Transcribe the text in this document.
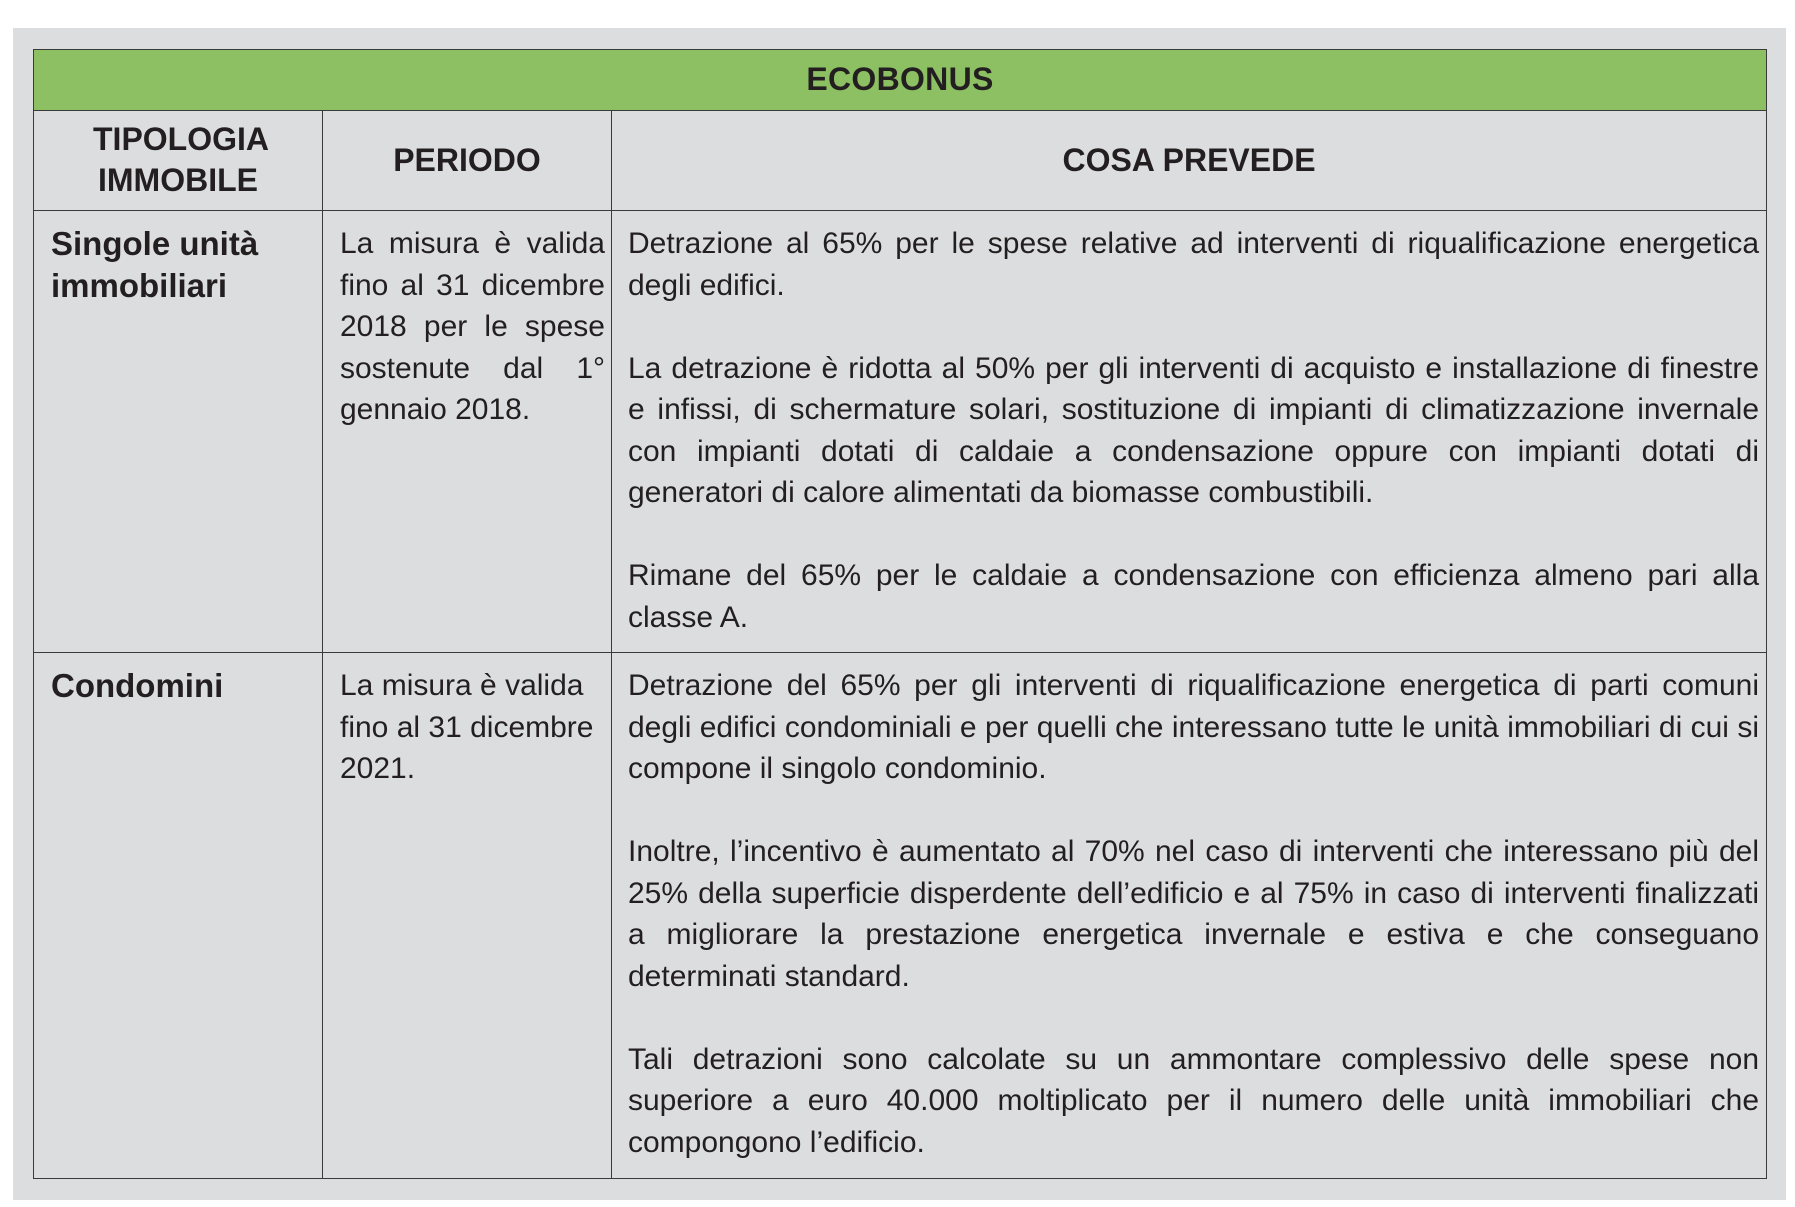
ECOBONUS		

TIPOLOGIA IMMOBILE	PERIODO	COSA PREVEDE

Singole unità immobiliari	La misura è valida fino al 31 dicembre 2018 per le spese sostenute dal 1° gennaio 2018.	Detrazione al 65% per le spese relative ad interventi di riqualificazione energetica degli edifici.

La detrazione è ridotta al 50% per gli interventi di acquisto e installazione di finestre e infissi, di schermature solari, sostituzione di impianti di climatizzazione invernale con impianti dotati di caldaie a condensazione oppure con impianti dotati di generatori di calore alimentati da biomasse combustibili.

Rimane del 65% per le caldaie a condensazione con efficienza almeno pari alla classe A.

Condomini	La misura è valida fino al 31 dicembre 2021.	Detrazione del 65% per gli interventi di riqualificazione energetica di parti comuni degli edifici condominiali e per quelli che interessano tutte le unità immobiliari di cui si compone il singolo condominio.

Inoltre, l’incentivo è aumentato al 70% nel caso di interventi che interessano più del 25% della superficie disperdente dell’edificio e al 75% in caso di interventi finalizzati a migliorare la prestazione energetica invernale e estiva e che conseguano determinati standard.

Tali detrazioni sono calcolate su un ammontare complessivo delle spese non superiore a euro 40.000 moltiplicato per il numero delle unità immobiliari che compongono l’edificio.
